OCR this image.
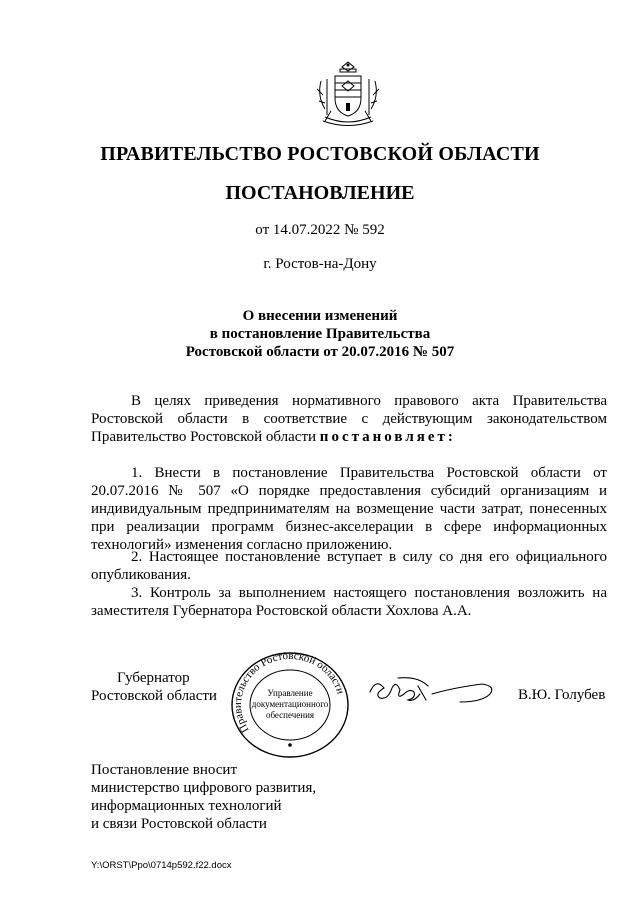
ПРАВИТЕЛЬСТВО РОСТОВСКОЙ ОБЛАСТИ
ПОСТАНОВЛЕНИЕ
от 14.07.2022 № 592
г. Ростов-на-Дону
О внесении изменений
в постановление Правительства
Ростовской области от 20.07.2016 № 507
В целях приведения нормативного правового акта Правительства Ростовской области в соответствие с действующим законодательством Правительство Ростовской области постановляет:
1. Внести в постановление Правительства Ростовской области от 20.07.2016 № 507 «О порядке предоставления субсидий организациям и индивидуальным предпринимателям на возмещение части затрат, понесенных при реализации программ бизнес-акселерации в сфере информационных технологий» изменения согласно приложению.
2. Настоящее постановление вступает в силу со дня его официального опубликования.
3. Контроль за выполнением настоящего постановления возложить на заместителя Губернатора Ростовской области Хохлова А.А.
Губернатор
Ростовской области
Правительство Ростовской области
Управление
документационного
обеспечения
В.Ю. Голубев
Постановление вносит
министерство цифрового развития,
информационных технологий
и связи Ростовской области
Y:\ORST\Ppo\0714p592.f22.docx
